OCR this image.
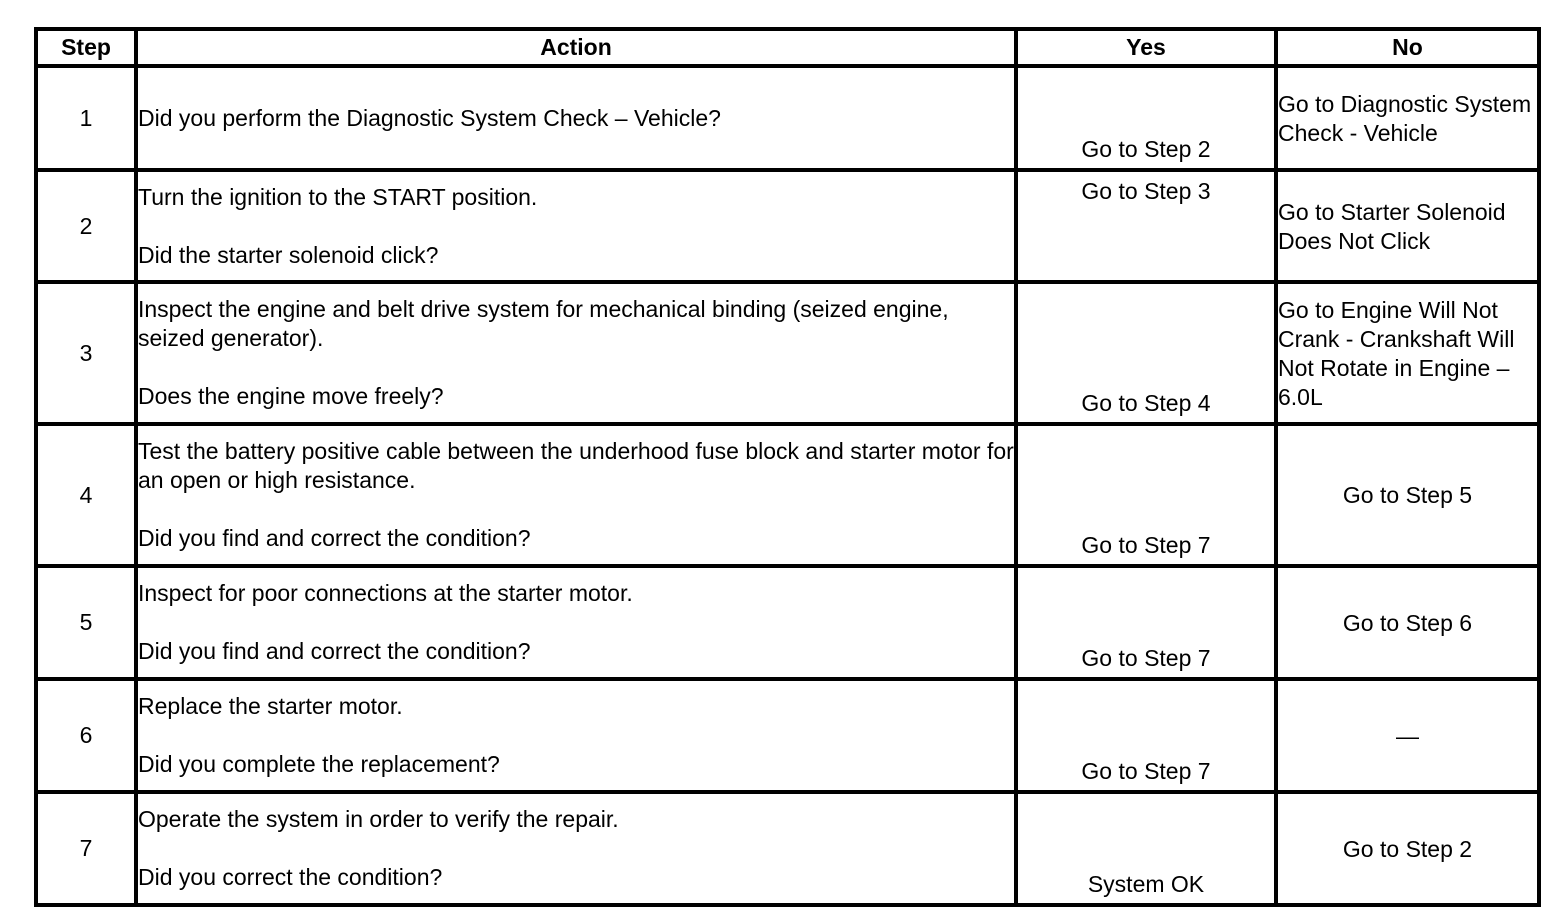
Step	Action	Yes	No
1	Did you perform the Diagnostic System Check – Vehicle?	Go to Step 2	Go to Diagnostic System Check - Vehicle

2	Turn the ignition to the START position.
Did the starter solenoid click?	Go to Step 3	Go to Starter Solenoid Does Not Click

3	Inspect the engine and belt drive system for mechanical binding (seized engine, seized generator).
Does the engine move freely?	Go to Step 4	Go to Engine Will Not Crank - Crankshaft Will Not Rotate in Engine – 6.0L

4	Test the battery positive cable between the underhood fuse block and starter motor for an open or high resistance.
Did you find and correct the condition?	Go to Step 7	Go to Step 5

5	Inspect for poor connections at the starter motor.
Did you find and correct the condition?	Go to Step 7	Go to Step 6

6	Replace the starter motor.
Did you complete the replacement?	Go to Step 7	—

7	Operate the system in order to verify the repair.
Did you correct the condition?	System OK	Go to Step 2
